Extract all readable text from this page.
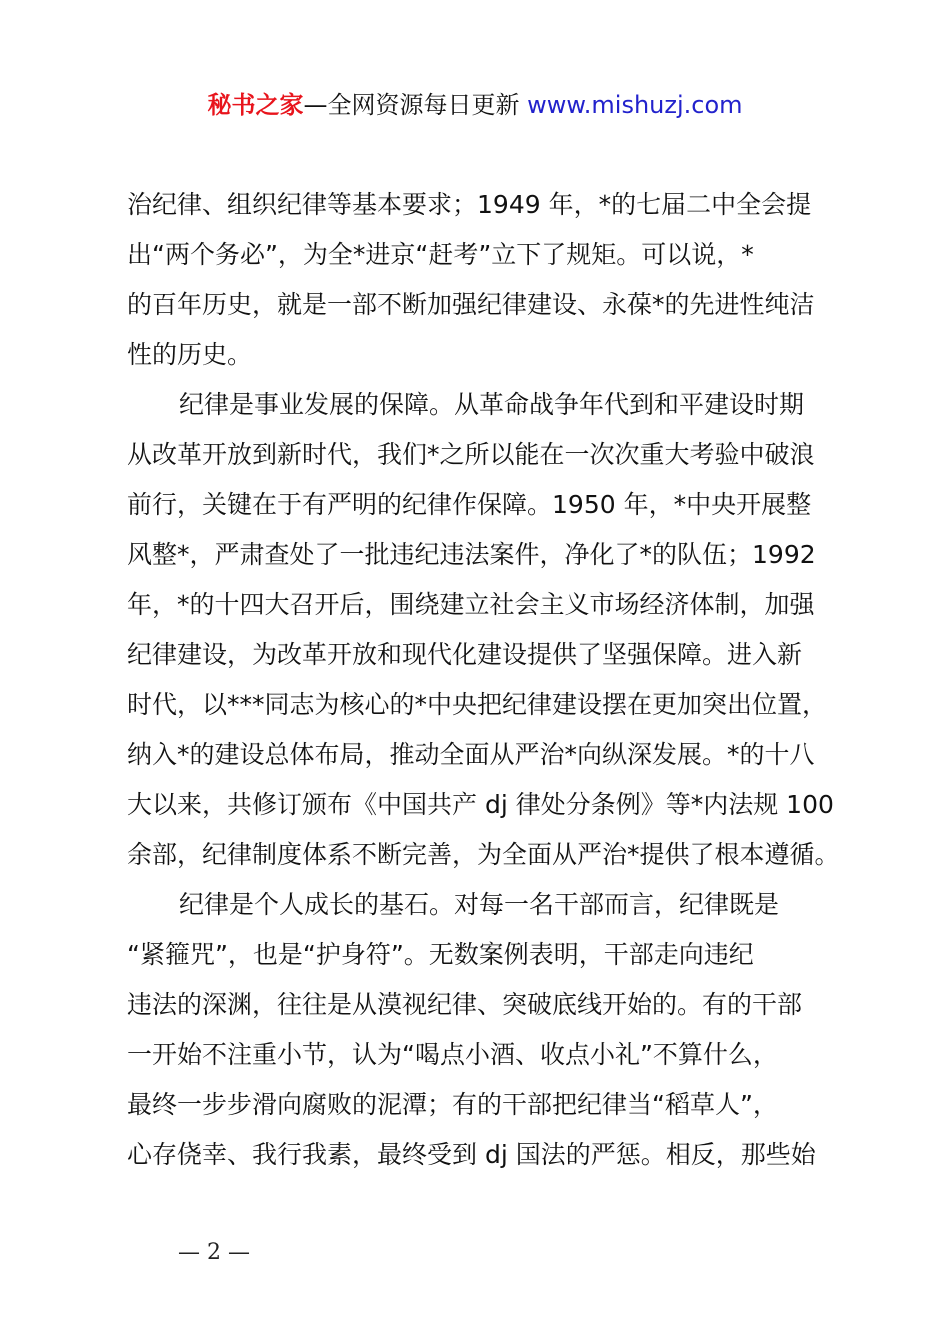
秘书之家—全网资源每日更新 www.mishuzj.com
治纪律、组织纪律等基本要求；1949 年，*的七届二中全会提
出“两个务必”，为全*进京“赶考”立下了规矩。可以说，*
的百年历史，就是一部不断加强纪律建设、永葆*的先进性纯洁
性的历史。
纪律是事业发展的保障。从革命战争年代到和平建设时期
从改革开放到新时代，我们*之所以能在一次次重大考验中破浪
前行，关键在于有严明的纪律作保障。1950 年，*中央开展整
风整*，严肃查处了一批违纪违法案件，净化了*的队伍；1992
年，*的十四大召开后，围绕建立社会主义市场经济体制，加强
纪律建设，为改革开放和现代化建设提供了坚强保障。进入新
时代，以***同志为核心的*中央把纪律建设摆在更加突出位置，
纳入*的建设总体布局，推动全面从严治*向纵深发展。*的十八
大以来，共修订颁布《中国共产 dj 律处分条例》等*内法规 100
余部，纪律制度体系不断完善，为全面从严治*提供了根本遵循。
纪律是个人成长的基石。对每一名干部而言，纪律既是
“紧箍咒”，也是“护身符”。无数案例表明，干部走向违纪
违法的深渊，往往是从漠视纪律、突破底线开始的。有的干部
一开始不注重小节，认为“喝点小酒、收点小礼”不算什么，
最终一步步滑向腐败的泥潭；有的干部把纪律当“稻草人”，
心存侥幸、我行我素，最终受到 dj 国法的严惩。相反，那些始
— 2 —
